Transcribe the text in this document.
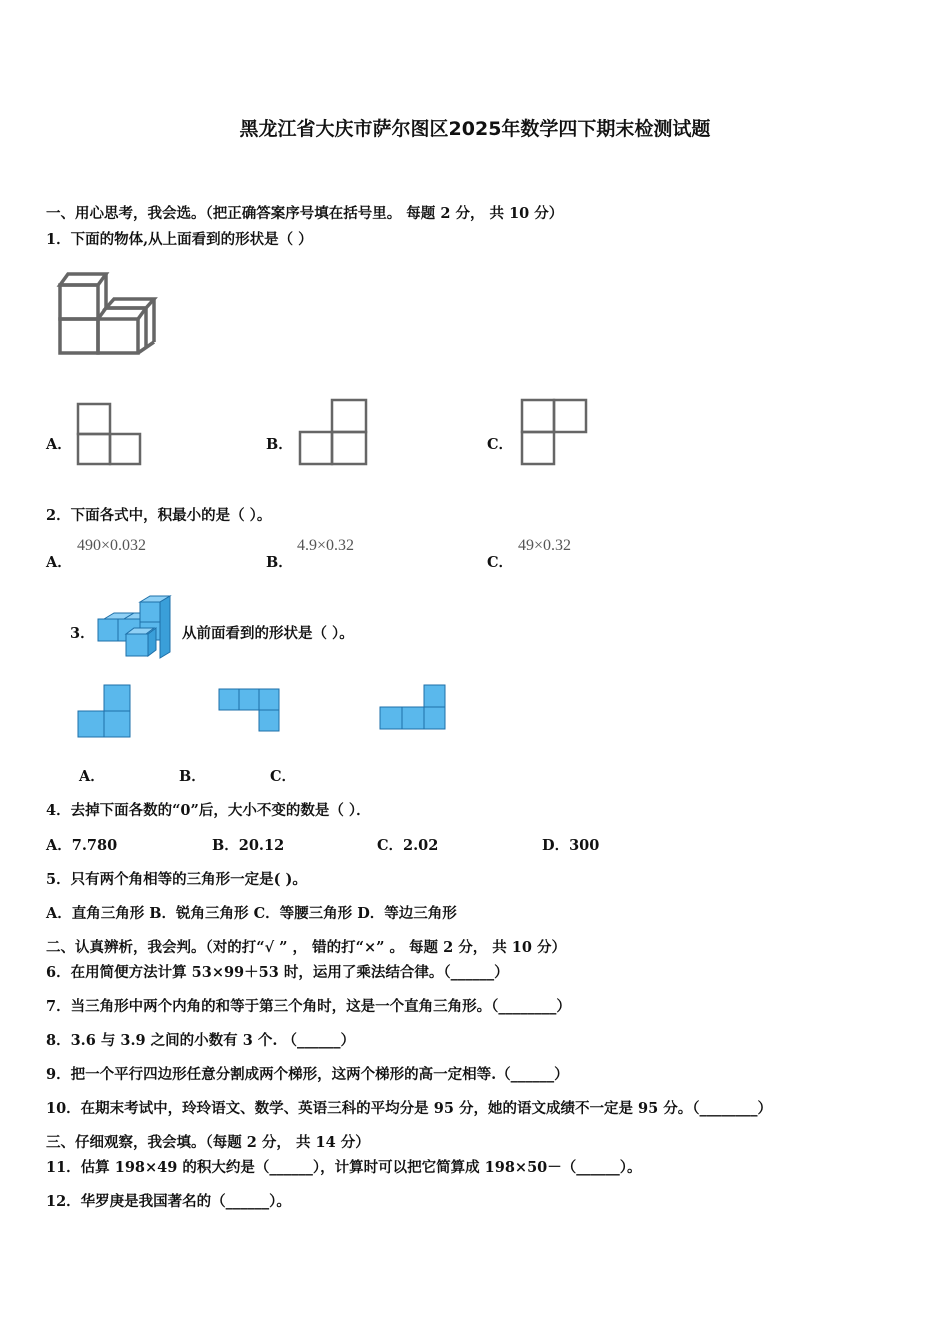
黑龙江省大庆市萨尔图区2025年数学四下期末检测试题
一、用心思考，我会选。（把正确答案序号填在括号里。 每题 2 分， 共 10 分）
1．下面的物体,从上面看到的形状是（ ）
A．	B．	C．
2．下面各式中，积最小的是（ ）。
A．
490×0.032
B．
4.9×0.32
C．
49×0.32
3．	从前面看到的形状是（ ）。
A．	B．	C．
4．去掉下面各数的“0”后，大小不变的数是（ ）．
A．7.780	B．20.12	C．2.02	D．300
5．只有两个角相等的三角形一定是( )。
A．直角三角形 B．锐角三角形 C．等腰三角形 D．等边三角形
二、认真辨析，我会判。（对的打“√ ” ， 错的打“×” 。 每题 2 分， 共 10 分）
6．在用简便方法计算 53×99＋53 时，运用了乘法结合律。（______）
7．当三角形中两个内角的和等于第三个角时，这是一个直角三角形。（________）
8．3.6 与 3.9 之间的小数有 3 个. （______）
9．把一个平行四边形任意分割成两个梯形，这两个梯形的高一定相等.（______）
10．在期末考试中，玲玲语文、数学、英语三科的平均分是 95 分，她的语文成绩不一定是 95 分。（________）
三、仔细观察，我会填。（每题 2 分， 共 14 分）
11．估算 198×49 的积大约是（______），计算时可以把它简算成 198×50－（______）。
12．华罗庚是我国著名的（______）。
